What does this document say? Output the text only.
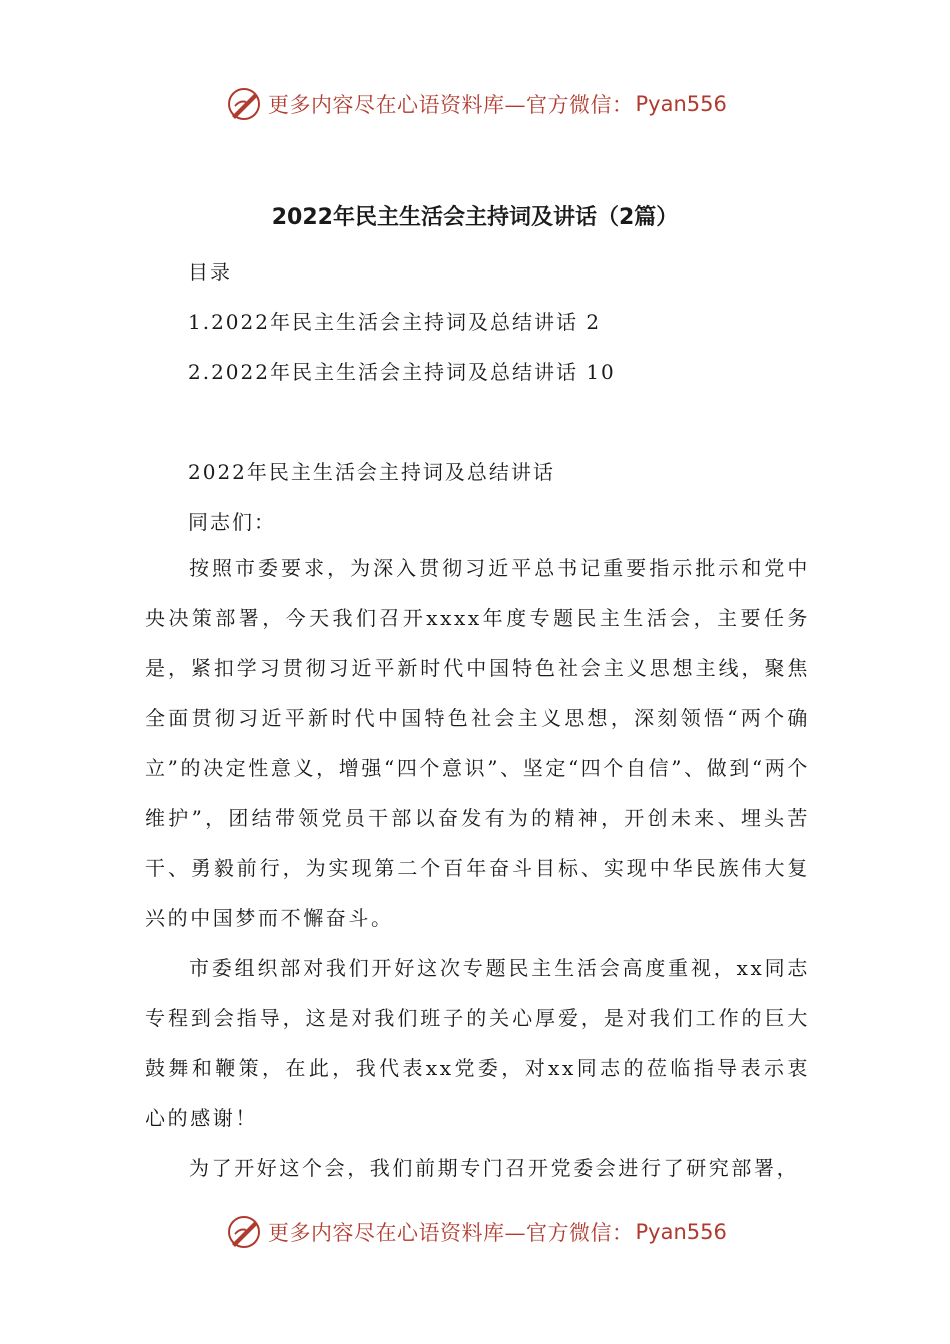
更多内容尽在心语资料库—官方微信： Pyan556
2022年民主生活会主持词及讲话（2篇）
目录
1.2022年民主生活会主持词及总结讲话 2
2.2022年民主生活会主持词及总结讲话 10
2022年民主生活会主持词及总结讲话
同志们：
按照市委要求，为深入贯彻习近平总书记重要指示批示和党中央决策部署，今天我们召开xxxx年度专题民主生活会，主要任务是，紧扣学习贯彻习近平新时代中国特色社会主义思想主线，聚焦全面贯彻习近平新时代中国特色社会主义思想，深刻领悟“两个确立”的决定性意义，增强“四个意识”、坚定“四个自信”、做到“两个维护”，团结带领党员干部以奋发有为的精神，开创未来、埋头苦干、勇毅前行，为实现第二个百年奋斗目标、实现中华民族伟大复兴的中国梦而不懈奋斗。
市委组织部对我们开好这次专题民主生活会高度重视，xx同志专程到会指导，这是对我们班子的关心厚爱，是对我们工作的巨大鼓舞和鞭策，在此，我代表xx党委，对xx同志的莅临指导表示衷心的感谢！
为了开好这个会，我们前期专门召开党委会进行了研究部署，
更多内容尽在心语资料库—官方微信： Pyan556
